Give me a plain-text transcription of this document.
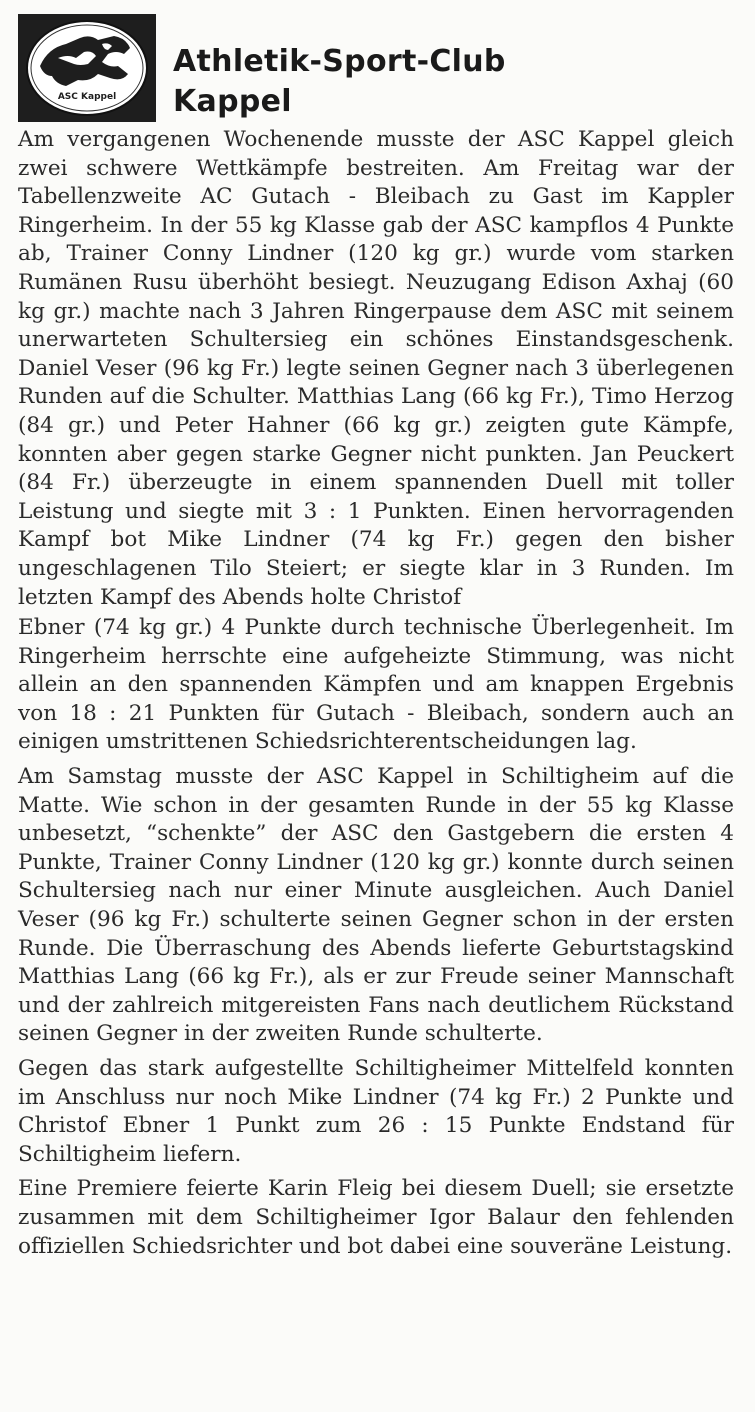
ASC Kappel
Athletik-Sport-Club
Kappel

Am vergangenen Wochenende musste der ASC Kappel gleich zwei schwere Wettkämpfe bestreiten. Am Freitag war der Tabellenzweite AC Gutach - Bleibach zu Gast im Kappler Ringerheim. In der 55 kg Klasse gab der ASC kampflos 4 Punkte ab, Trainer Conny Lindner (120 kg gr.) wurde vom starken Rumänen Rusu überhöht besiegt. Neuzugang Edison Axhaj (60 kg gr.) machte nach 3 Jahren Ringerpause dem ASC mit seinem unerwarteten Schultersieg ein schönes Einstandsgeschenk. Daniel Veser (96 kg Fr.) legte seinen Gegner nach 3 überlegenen Runden auf die Schulter. Matthias Lang (66 kg Fr.), Timo Herzog (84 gr.) und Peter Hahner (66 kg gr.) zeigten gute Kämpfe, konnten aber gegen starke Gegner nicht punkten. Jan Peuckert (84 Fr.) überzeugte in einem spannenden Duell mit toller Leistung und siegte mit 3 : 1 Punkten. Einen hervorragenden Kampf bot Mike Lindner (74 kg Fr.) gegen den bisher ungeschlagenen Tilo Steiert; er siegte klar in 3 Runden. Im letzten Kampf des Abends holte Christof

Ebner (74 kg gr.) 4 Punkte durch technische Überlegenheit. Im Ringerheim herrschte eine aufgeheizte Stimmung, was nicht allein an den spannenden Kämpfen und am knappen Ergebnis von 18 : 21 Punkten für Gutach - Bleibach, sondern auch an einigen umstrittenen Schiedsrichterentscheidungen lag.

Am Samstag musste der ASC Kappel in Schiltigheim auf die Matte. Wie schon in der gesamten Runde in der 55 kg Klasse unbesetzt, “schenkte” der ASC den Gastgebern die ersten 4 Punkte, Trainer Conny Lindner (120 kg gr.) konnte durch seinen Schultersieg nach nur einer Minute ausgleichen. Auch Daniel Veser (96 kg Fr.) schulterte seinen Gegner schon in der ersten Runde. Die Überraschung des Abends lieferte Geburtstagskind Matthias Lang (66 kg Fr.), als er zur Freude seiner Mannschaft und der zahlreich mitgereisten Fans nach deutlichem Rückstand seinen Gegner in der zweiten Runde schulterte.

Gegen das stark aufgestellte Schiltigheimer Mittelfeld konnten im Anschluss nur noch Mike Lindner (74 kg Fr.) 2 Punkte und Christof Ebner 1 Punkt zum 26 : 15 Punkte Endstand für Schiltigheim liefern.

Eine Premiere feierte Karin Fleig bei diesem Duell; sie ersetzte zusammen mit dem Schiltigheimer Igor Balaur den fehlenden offiziellen Schiedsrichter und bot dabei eine souveräne Leistung.
